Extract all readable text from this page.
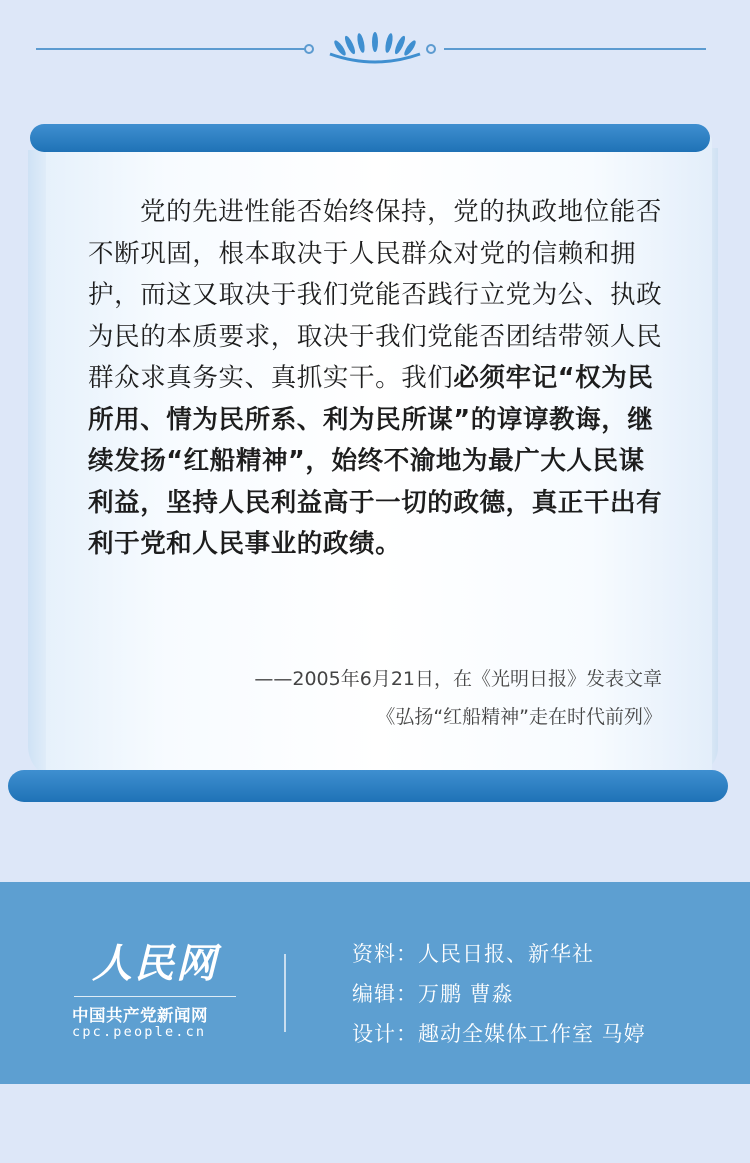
党的先进性能否始终保持，党的执政地位能否不断巩固，根本取决于人民群众对党的信赖和拥护，而这又取决于我们党能否践行立党为公、执政为民的本质要求，取决于我们党能否团结带领人民群众求真务实、真抓实干。我们必须牢记“权为民所用、情为民所系、利为民所谋”的谆谆教诲，继续发扬“红船精神”，始终不渝地为最广大人民谋利益，坚持人民利益高于一切的政德，真正干出有利于党和人民事业的政绩。
——2005年6月21日，在《光明日报》发表文章
《弘扬“红船精神”走在时代前列》
人民网
中国共产党新闻网
cpc.people.cn
资料：人民日报、新华社
编辑：万鹏 曹淼
设计：趣动全媒体工作室 马婷
